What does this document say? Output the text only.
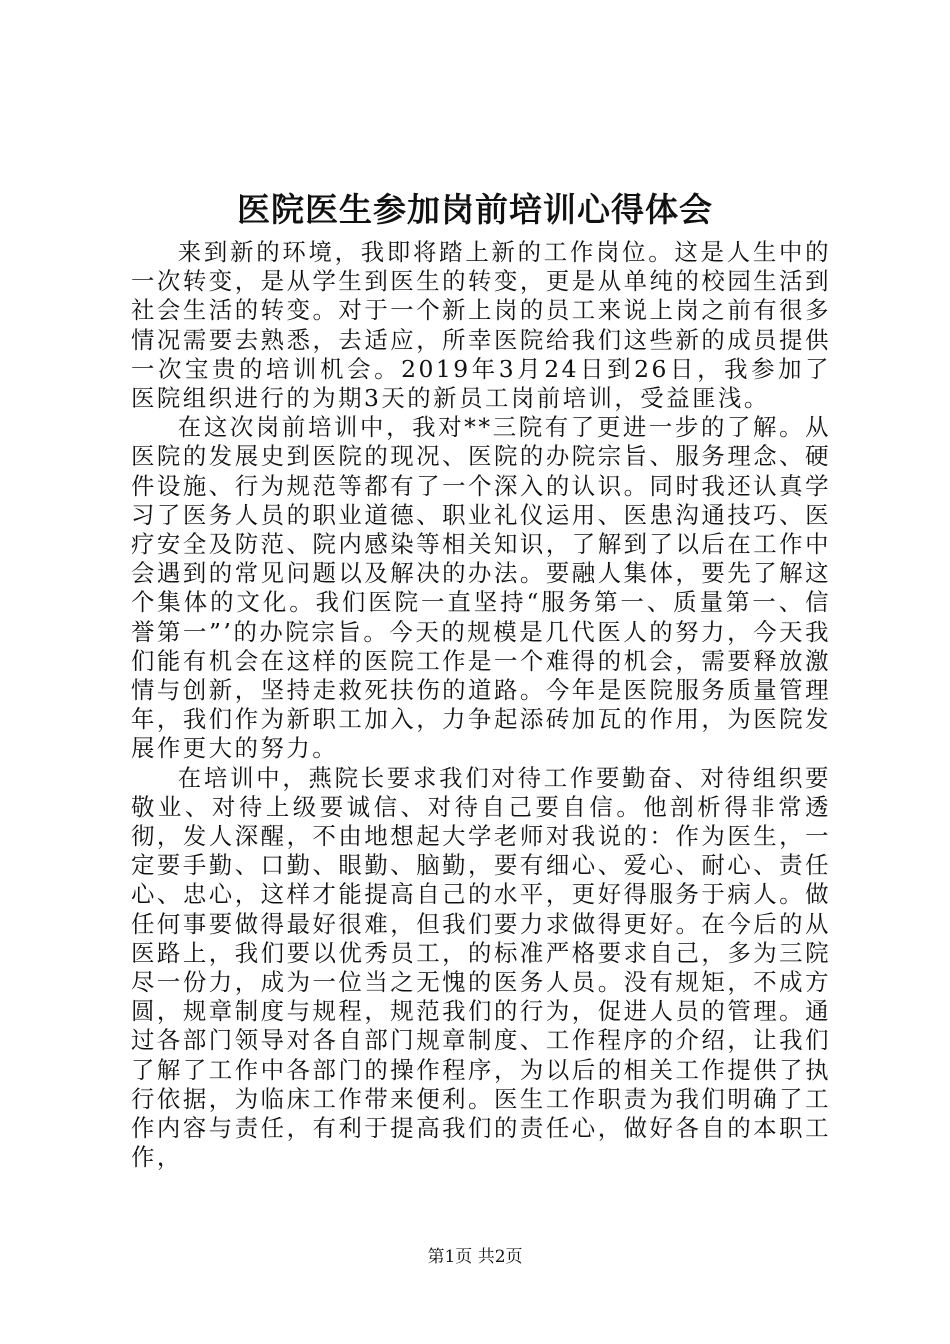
医院医生参加岗前培训心得体会

来到新的环境，我即将踏上新的工作岗位。这是人生中的一次转变，是从学生到医生的转变，更是从单纯的校园生活到社会生活的转变。对于一个新上岗的员工来说上岗之前有很多情况需要去熟悉，去适应，所幸医院给我们这些新的成员提供一次宝贵的培训机会。2019年3月24日到26日，我参加了医院组织进行的为期3天的新员工岗前培训，受益匪浅。

在这次岗前培训中，我对**三院有了更进一步的了解。从医院的发展史到医院的现况、医院的办院宗旨、服务理念、硬件设施、行为规范等都有了一个深入的认识。同时我还认真学习了医务人员的职业道德、职业礼仪运用、医患沟通技巧、医疗安全及防范、院内感染等相关知识，了解到了以后在工作中会遇到的常见问题以及解决的办法。要融人集体，要先了解这个集体的文化。我们医院一直坚持“服务第一、质量第一、信誉第一”’的办院宗旨。今天的规模是几代医人的努力，今天我们能有机会在这样的医院工作是一个难得的机会，需要释放激情与创新，坚持走救死扶伤的道路。今年是医院服务质量管理年，我们作为新职工加入，力争起添砖加瓦的作用，为医院发展作更大的努力。

在培训中，燕院长要求我们对待工作要勤奋、对待组织要敬业、对待上级要诚信、对待自己要自信。他剖析得非常透彻，发人深醒，不由地想起大学老师对我说的：作为医生，一定要手勤、口勤、眼勤、脑勤，要有细心、爱心、耐心、责任心、忠心，这样才能提高自己的水平，更好得服务于病人。做任何事要做得最好很难，但我们要力求做得更好。在今后的从医路上，我们要以优秀员工，的标准严格要求自己，多为三院尽一份力，成为一位当之无愧的医务人员。没有规矩，不成方圆，规章制度与规程，规范我们的行为，促进人员的管理。通过各部门领导对各自部门规章制度、工作程序的介绍，让我们了解了工作中各部门的操作程序，为以后的相关工作提供了执行依据，为临床工作带来便利。医生工作职责为我们明确了工作内容与责任，有利于提高我们的责任心，做好各自的本职工作，

第1页 共2页
